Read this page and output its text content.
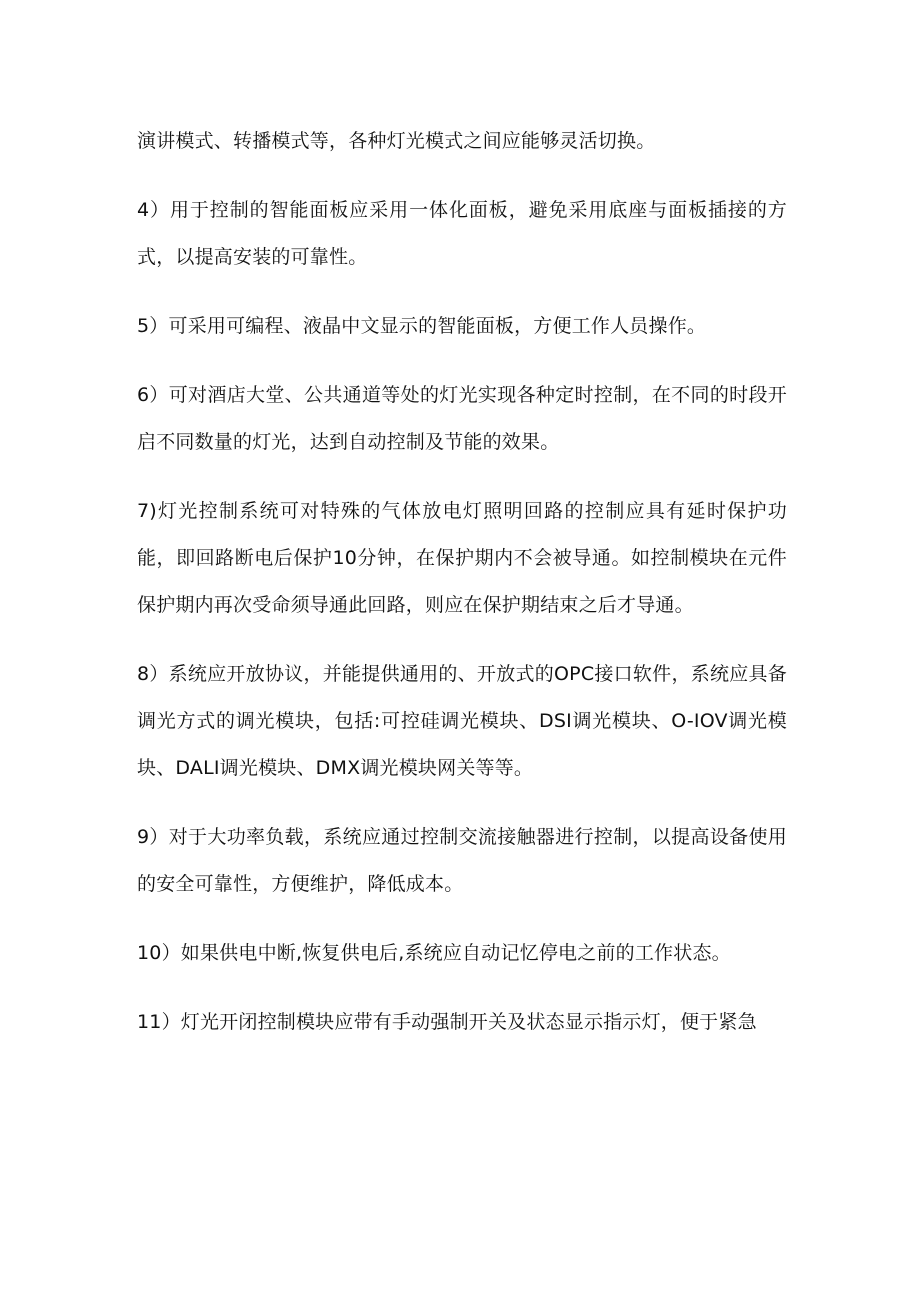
演讲模式、转播模式等，各种灯光模式之间应能够灵活切换。

4）用于控制的智能面板应采用一体化面板，避免采用底座与面板插接的方式，以提高安装的可靠性。

5）可采用可编程、液晶中文显示的智能面板，方便工作人员操作。

6）可对酒店大堂、公共通道等处的灯光实现各种定时控制，在不同的时段开启不同数量的灯光，达到自动控制及节能的效果。

7)灯光控制系统可对特殊的气体放电灯照明回路的控制应具有延时保护功能，即回路断电后保护10分钟，在保护期内不会被导通。如控制模块在元件保护期内再次受命须导通此回路，则应在保护期结束之后才导通。

8）系统应开放协议，并能提供通用的、开放式的OPC接口软件，系统应具备调光方式的调光模块，包括:可控硅调光模块、DSI调光模块、O-IOV调光模块、DALI调光模块、DMX调光模块网关等等。

9）对于大功率负载，系统应通过控制交流接触器进行控制，以提高设备使用的安全可靠性，方便维护，降低成本。

10）如果供电中断,恢复供电后,系统应自动记忆停电之前的工作状态。

11）灯光开闭控制模块应带有手动强制开关及状态显示指示灯，便于紧急
